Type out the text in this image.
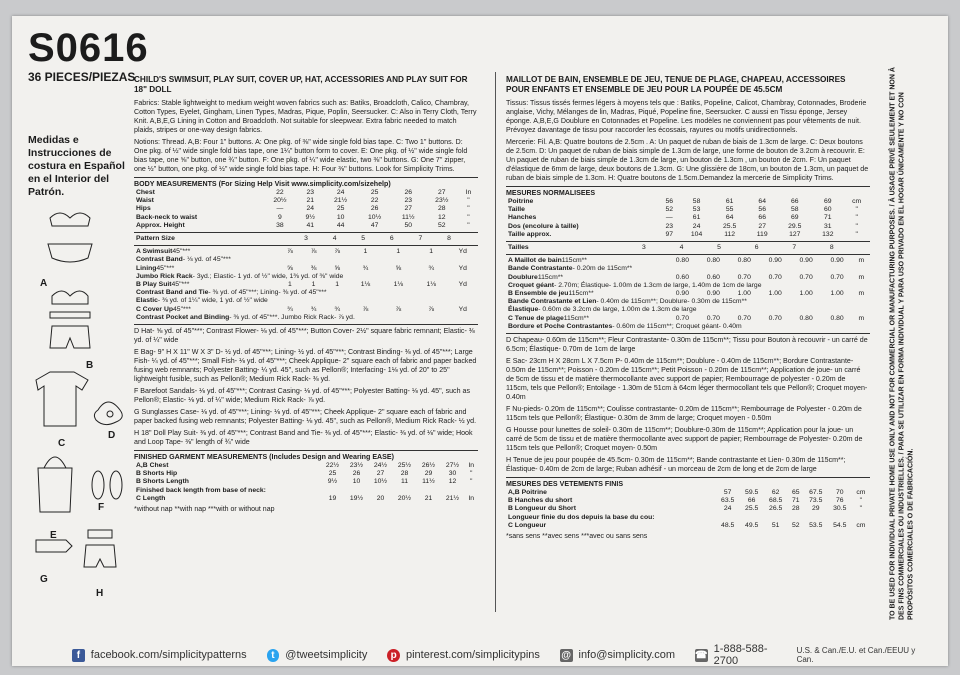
S0616
36 PIECES/PIEZAS
Medidas e Instrucciones de costura en Español en el Interior del Patrón.
A
B
C
D
E
F
G
H
CHILD'S SWIMSUIT, PLAY SUIT, COVER UP, HAT, ACCESSORIES AND PLAY SUIT FOR 18" DOLL
Fabrics: Stable lightweight to medium weight woven fabrics such as: Batiks, Broadcloth, Calico, Chambray, Cotton Types, Eyelet, Gingham, Linen Types, Madras, Pique, Poplin, Seersucker. C: Also in Terry Cloth, Terry Knit. A,B,E,G Lining in Cotton and Broadcloth. Not suitable for sleepwear. Extra fabric needed to match plaids, stripes or one-way design fabrics.
Notions: Thread. A,B: Four 1" buttons. A: One pkg. of ⅜" wide single fold bias tape. C: Two 1" buttons. D: One pkg. of ½" wide single fold bias tape, one 1¼" button form to cover. E: One pkg. of ½" wide single fold bias tape, one ⅝" button, one ¾" button. F: One pkg. of ¼" wide elastic, two ⅜" buttons. G: One 7" zipper, one ½" button, one pkg. of ½" wide single fold bias tape. H: Four ⅜" buttons. Look for Simplicity Trims.
BODY MEASUREMENTS (For Sizing Help Visit www.simplicity.com/sizehelp)
Chest	22	23	24	25	26	27	In
Waist	20½	21	21½	22	23	23½	"
Hips	—	24	25	26	27	28	"
Back-neck to waist	9	9½	10	10½	11½	12	"
Approx. Height	38	41	44	47	50	52	"
Pattern Size	3	4	5	6	7	8	
A Swimsuit45"***	⅞	⅞	⅞	1	1	1	Yd
Contrast Band- ⅛ yd. of 45"***							
Lining45"***	⅝	⅜	⅝	¾	⅝	¾	Yd
Jumbo Rick Rack- 3yd.; Elastic- 1 yd. of ½" wide, 1⅜ yd. of ⅜" wide							
B Play Suit45"***	1	1	1	1⅛	1⅛	1⅛	Yd
Contrast Band and Tie- ⅜ yd. of 45"***; Lining- ⅜ yd. of 45"***							
Elastic- ⅜ yd. of 1¼" wide, 1 yd. of ½" wide							
C Cover Up45"***	¾	¾	¾	⅞	⅞	⅞	Yd
Contrast Pocket and Binding- ⅜ yd. of 45"***. Jumbo Rick Rack- ⅞ yd.							
D Hat- ⅝ yd. of 45"***; Contrast Flower- ⅛ yd. of 45"***; Button Cover- 2½" square fabric remnant; Elastic- ⅜ yd. of ¼" wide
E Bag- 9" H X 11" W X 3" D- ½ yd. of 45"***; Lining- ½ yd. of 45"***; Contrast Binding- ⅜ yd. of 45"***; Large Fish- ¼ yd. of 45"***; Small Fish- ⅛ yd. of 45"***; Cheek Applique- 2" square each of fabric and paper backed fusing web remnants; Polyester Batting- ¼ yd. 45", such as Pellon®; Interfacing- 1⅛ yd. of 20" to 25" lightweight fusible, such as Pellon®; Medium Rick Rack- ⅜ yd.
F Barefoot Sandals- ⅛ yd. of 45"***; Contrast Casing- ⅛ yd. of 45"***; Polyester Batting- ⅛ yd. 45", such as Pellon®; Elastic- ⅛ yd. of ¼" wide; Medium Rick Rack- ⅞ yd.
G Sunglasses Case- ⅛ yd. of 45"***; Lining- ⅛ yd. of 45"***; Cheek Applique- 2" square each of fabric and paper backed fusing web remnants; Polyester Batting- ⅛ yd. 45", such as Pellon®, Medium Rick Rack- ½ yd.
H 18" Doll Play Suit- ⅜ yd. of 45"***; Contrast Band and Tie- ⅜ yd. of 45"***; Elastic- ⅜ yd. of ⅛" wide; Hook and Loop Tape- ⅜" length of ¾" wide
FINISHED GARMENT MEASUREMENTS (Includes Design and Wearing EASE)
A,B Chest	22½	23½	24½	25½	26½	27½	In
B Shorts Hip	25	26	27	28	29	30	"
B Shorts Length	9½	10	10½	11	11½	12	"
Finished back length from base of neck:							
C Length	19	19½	20	20½	21	21½	In
*without nap **with nap ***with or without nap
MAILLOT DE BAIN, ENSEMBLE DE JEU, TENUE DE PLAGE, CHAPEAU, ACCESSOIRES POUR ENFANTS ET ENSEMBLE DE JEU POUR LA POUPÉE DE 45.5CM
Tissus: Tissus tissés fermes légers à moyens tels que : Batiks, Popeline, Calicot, Chambray, Cotonnades, Broderie anglaise, Vichy, Mélanges de lin, Madras, Piqué, Popeline fine, Seersucker. C aussi en Tissu éponge, Jersey éponge. A,B,E,G Doublure en Cotonnades et Popeline. Les modèles ne conviennent pas pour vêtements de nuit. Prévoyez davantage de tissu pour raccorder les écossais, rayures ou motifs unidirectionnels.
Mercerie: Fil. A,B: Quatre boutons de 2.5cm . A: Un paquet de ruban de biais de 1.3cm de large. C: Deux boutons de 2.5cm. D: Un paquet de ruban de biais simple de 1.3cm de large, une forme de bouton de 3.2cm à recouvrir. E: Un paquet de ruban de biais simple de 1.3cm de large, un bouton de 1.3cm , un bouton de 2cm. F: Un paquet d'élastique de 6mm de large, deux boutons de 1.3cm. G: Une glissière de 18cm, un bouton de 1.3cm, un paquet de ruban de biais simple de 1.3cm. H: Quatre boutons de 1.5cm.Demandez la mercerie de Simplicity Trims.
MESURES NORMALISEES
Poitrine	56	58	61	64	66	69	cm
Taille	52	53	55	56	58	60	"
Hanches	—	61	64	66	69	71	"
Dos (encolure à taille)	23	24	25.5	27	29.5	31	"
Taille approx.	97	104	112	119	127	132	"
Tailles	3	4	5	6	7	8	
A Maillot de bain115cm**	0.80	0.80	0.80	0.90	0.90	0.90	m
Bande Contrastante- 0.20m de 115cm**							
Doublure115cm**	0.60	0.60	0.70	0.70	0.70	0.70	m
Croquet géant- 2.70m; Élastique- 1.00m de 1.3cm de large, 1.40m de 1cm de large							
B Ensemble de jeu115cm**	0.90	0.90	1.00	1.00	1.00	1.00	m
Bande Contrastante et Lien- 0.40m de 115cm**; Doublure- 0.30m de 115cm**							
Élastique- 0.60m de 3.2cm de large, 1.00m de 1.3cm de large							
C Tenue de plage115cm**	0.70	0.70	0.70	0.70	0.80	0.80	m
Bordure et Poche Contrastantes- 0.60m de 115cm**; Croquet géant- 0.40m							
D Chapeau- 0.60m de 115cm**; Fleur Contrastante- 0.30m de 115cm**; Tissu pour Bouton à recouvrir - un carré de 6.5cm; Élastique- 0.70m de 1cm de large
E Sac- 23cm H X 28cm L X 7.5cm P- 0.40m de 115cm**; Doublure - 0.40m de 115cm**; Bordure Contrastante- 0.50m de 115cm**; Poisson - 0.20m de 115cm**; Petit Poisson - 0.20m de 115cm**; Application de joue- un carré de 5cm de tissu et de matière thermocollante avec support de papier; Rembourrage de polyester - 0.20m de 115cm, tels que Pellon®; Entoilage - 1.30m de 51cm à 64cm léger thermocollant tels que Pellon®; Croquet moyen- 0.40m
F Nu-pieds- 0.20m de 115cm**; Coulisse contrastante- 0.20m de 115cm**; Rembourrage de Polyester - 0.20m de 115cm tels que Pellon®; Élastique- 0.30m de 3mm de large; Croquet moyen - 0.50m
G Housse pour lunettes de soleil- 0.30m de 115cm**; Doublure-0.30m de 115cm**; Application pour la joue- un carré de 5cm de tissu et de matière thermocollante avec support de papier; Rembourrage de Polyester- 0.20m de 115cm tels que Pellon®; Croquet moyen- 0.50m
H Tenue de jeu pour poupée de 45.5cm- 0.30m de 115cm**; Bande contrastante et Lien- 0.30m de 115cm**; Élastique- 0.40m de 2cm de large; Ruban adhésif - un morceau de 2cm de long et de 2cm de large
MESURES DES VETEMENTS FINIS
A,B Poitrine	57	59.5	62	65	67.5	70	cm
B Hanches du short	63.5	66	68.5	71	73.5	76	"
B Longueur du Short	24	25.5	26.5	28	29	30.5	"
Longueur finie du dos depuis la base du cou:							
C Longueur	48.5	49.5	51	52	53.5	54.5	cm
*sans sens **avec sens ***avec ou sans sens	TO BE USED FOR INDIVIDUAL PRIVATE HOME USE ONLY AND NOT FOR COMMERCIAL OR MANUFACTURING PURPOSES. / À USAGE PRIVÉ SEULEMENT ET NON À DES FINS COMMERCIALES OU INDUSTRIELLES. / PARA SE UTILIZAR EN FORMA INDIVIDUAL Y PARA USO PRIVADO EN EL HOGAR ÚNICAMENTE Y NO CON PROPÓSITOS COMERCIALES O DE FABRICACIÓN.
f facebook.com/simplicitypatterns	t @tweetsimplicity	p pinterest.com/simplicitypins @ info@simplicity.com ☎ 1-888-588-2700
U.S. & Can./E.U. et Can./EEUU y Can.
